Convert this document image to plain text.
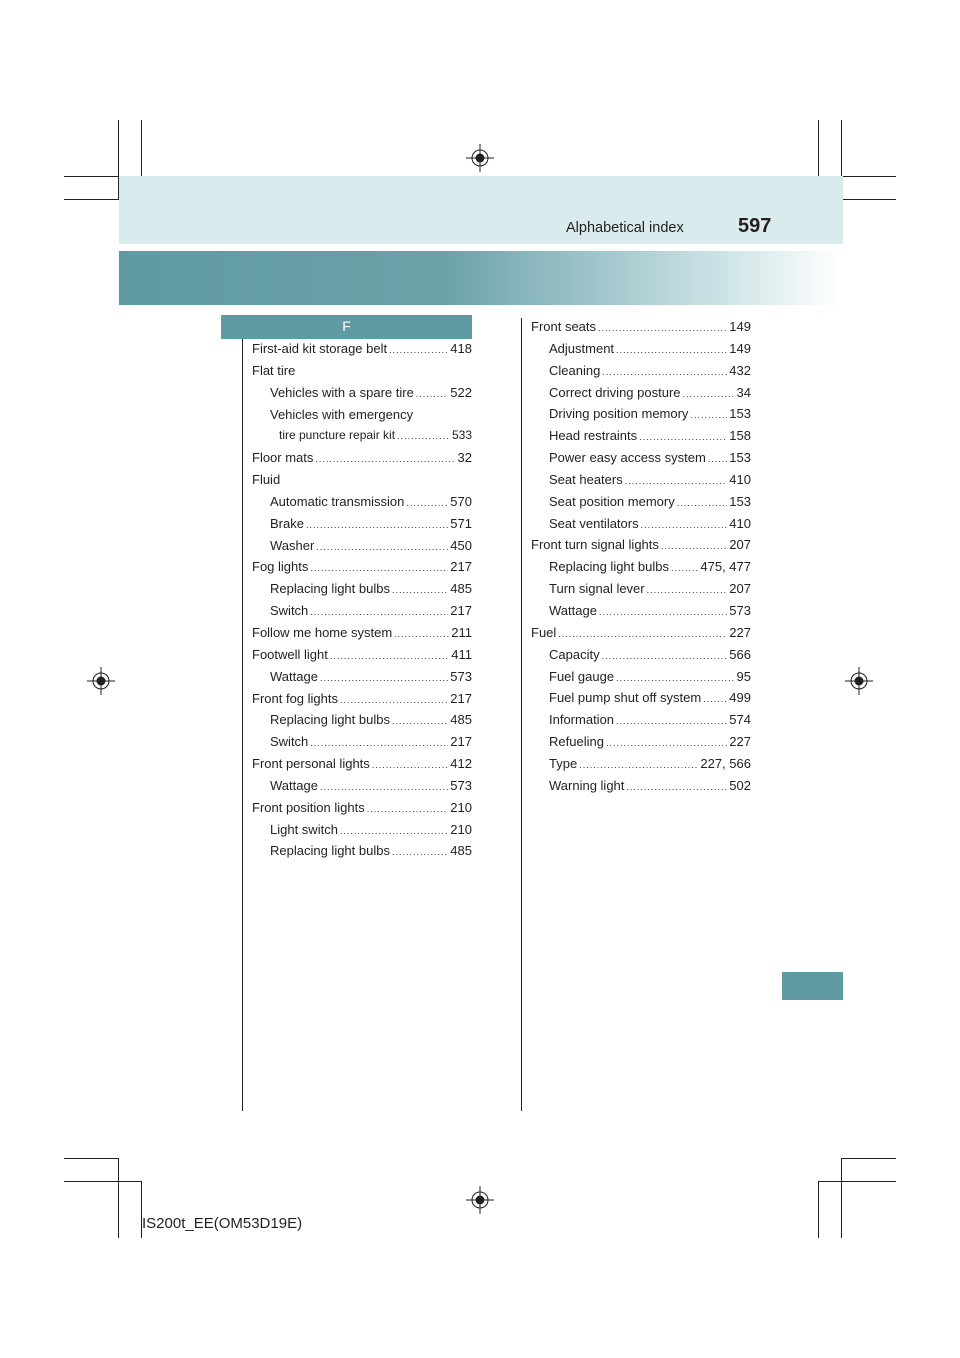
Alphabetical index	597
F
First-aid kit storage belt .....	418
Flat tire
Vehicles with a spare tire .....	522
Vehicles with emergency
tire puncture repair kit .....	533
Floor mats .....	32
Fluid
Automatic transmission .....	570
Brake .....	571
Washer .....	450
Fog lights .....	217
Replacing light bulbs .....	485
Switch .....	217
Follow me home system .....	211
Footwell light .....	411
Wattage .....	573
Front fog lights .....	217
Replacing light bulbs .....	485
Switch .....	217
Front personal lights .....	412
Wattage .....	573
Front position lights .....	210
Light switch .....	210
Replacing light bulbs .....	485
Front seats .....	149
Adjustment .....	149
Cleaning .....	432
Correct driving posture .....	34
Driving position memory .....	153
Head restraints .....	158
Power easy access system ..... 153
Seat heaters .....	410
Seat position memory .....	153
Seat ventilators .....	410
Front turn signal lights .....	207
Replacing light bulbs ..... 475, 477
Turn signal lever .....	207
Wattage .....	573
Fuel .....	227
Capacity .....	566
Fuel gauge .....	95
Fuel pump shut off system ..... 499
Information .....	574
Refueling .....	227
Type .....	227, 566
Warning light .....	502
IS200t_EE(OM53D19E)
